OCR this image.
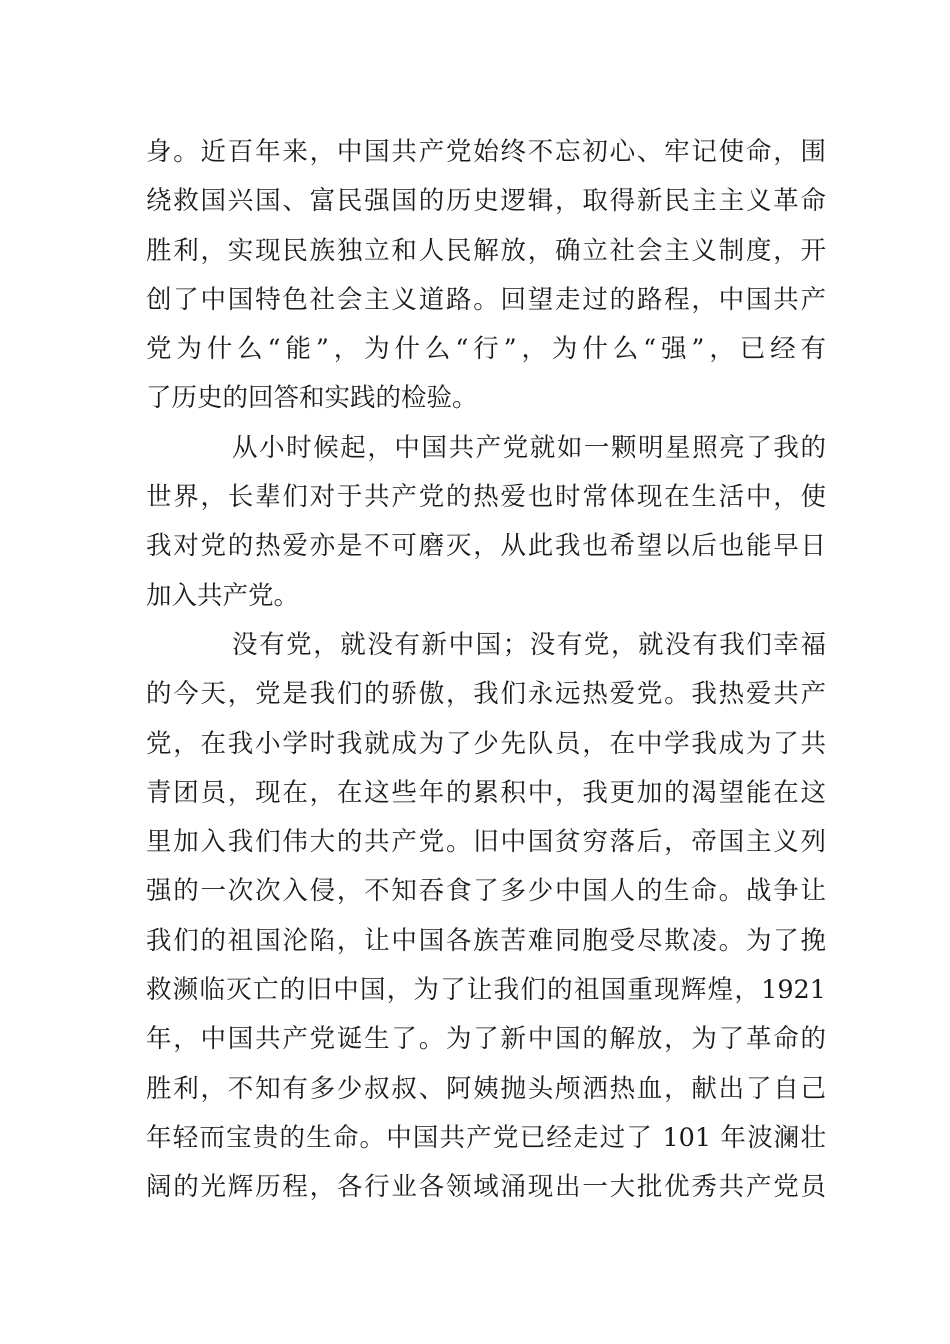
身。近百年来，中国共产党始终不忘初心、牢记使命，围
绕救国兴国、富民强国的历史逻辑，取得新民主主义革命
胜利，实现民族独立和人民解放，确立社会主义制度，开
创了中国特色社会主义道路。回望走过的路程，中国共产
党为什么“能”，为什么“行”，为什么“强”，已经有
了历史的回答和实践的检验。
从小时候起，中国共产党就如一颗明星照亮了我的
世界，长辈们对于共产党的热爱也时常体现在生活中，使
我对党的热爱亦是不可磨灭，从此我也希望以后也能早日
加入共产党。
没有党，就没有新中国；没有党，就没有我们幸福
的今天，党是我们的骄傲，我们永远热爱党。我热爱共产
党，在我小学时我就成为了少先队员，在中学我成为了共
青团员，现在，在这些年的累积中，我更加的渴望能在这
里加入我们伟大的共产党。旧中国贫穷落后，帝国主义列
强的一次次入侵，不知吞食了多少中国人的生命。战争让
我们的祖国沦陷，让中国各族苦难同胞受尽欺凌。为了挽
救濒临灭亡的旧中国，为了让我们的祖国重现辉煌，1921
年，中国共产党诞生了。为了新中国的解放，为了革命的
胜利，不知有多少叔叔、阿姨抛头颅洒热血，献出了自己
年轻而宝贵的生命。中国共产党已经走过了 101 年波澜壮
阔的光辉历程，各行业各领域涌现出一大批优秀共产党员
